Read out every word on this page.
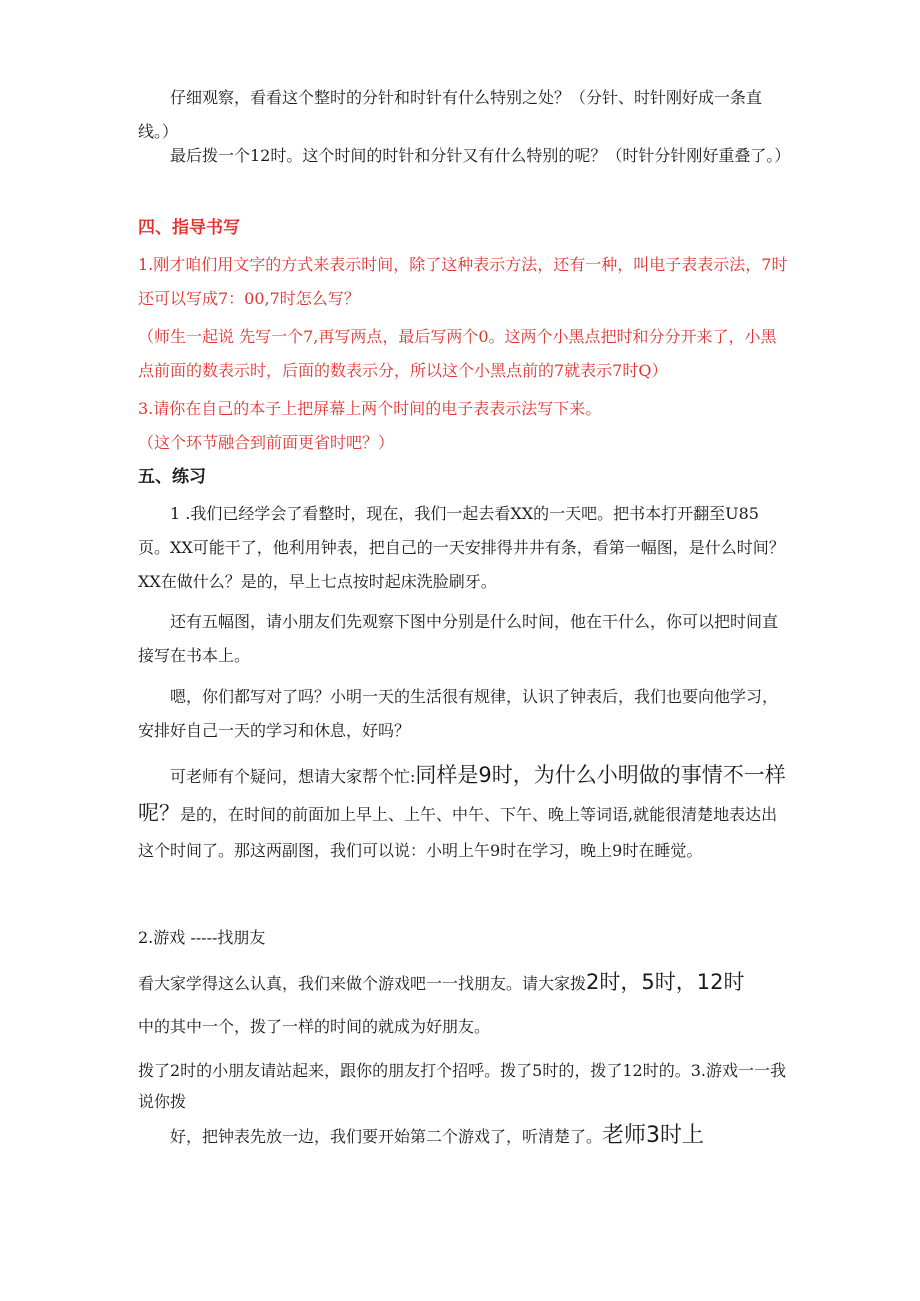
仔细观察，看看这个整时的分针和时针有什么特别之处？（分针、时针刚好成一条直线。）

最后拨一个12时。这个时间的时针和分针又有什么特别的呢？（时针分针刚好重叠了。）

四、指导书写

1.刚才咱们用文字的方式来表示时间，除了这种表示方法，还有一种，叫电子表表示法，7时还可以写成7：00,7时怎么写？

（师生一起说 先写一个7,再写两点，最后写两个0。这两个小黑点把时和分分开来了，小黑点前面的数表示时，后面的数表示分，所以这个小黑点前的7就表示7时Q）

3.请你在自己的本子上把屏幕上两个时间的电子表表示法写下来。

（这个环节融合到前面更省时吧？）

五、练习

1 .我们已经学会了看整时，现在，我们一起去看XX的一天吧。把书本打开翻至U85页。XX可能干了，他利用钟表，把自己的一天安排得井井有条，看第一幅图，是什么时间？XX在做什么？是的，早上七点按时起床洗脸刷牙。

还有五幅图，请小朋友们先观察下图中分别是什么时间，他在干什么，你可以把时间直接写在书本上。

嗯，你们都写对了吗？小明一天的生活很有规律，认识了钟表后，我们也要向他学习，安排好自己一天的学习和休息，好吗？

可老师有个疑问，想请大家帮个忙:同样是9时，为什么小明做的事情不一样呢？是的，在时间的前面加上早上、上午、中午、下午、晚上等词语,就能很清楚地表达出这个时间了。那这两副图，我们可以说：小明上午9时在学习，晚上9时在睡觉。

2.游戏 -----找朋友

看大家学得这么认真，我们来做个游戏吧一一找朋友。请大家拨2时，5时，12时

中的其中一个，拨了一样的时间的就成为好朋友。

拨了2时的小朋友请站起来，跟你的朋友打个招呼。拨了5时的，拨了12时的。3.游戏一一我说你拨

好，把钟表先放一边，我们要开始第二个游戏了，听清楚了。老师3时上
